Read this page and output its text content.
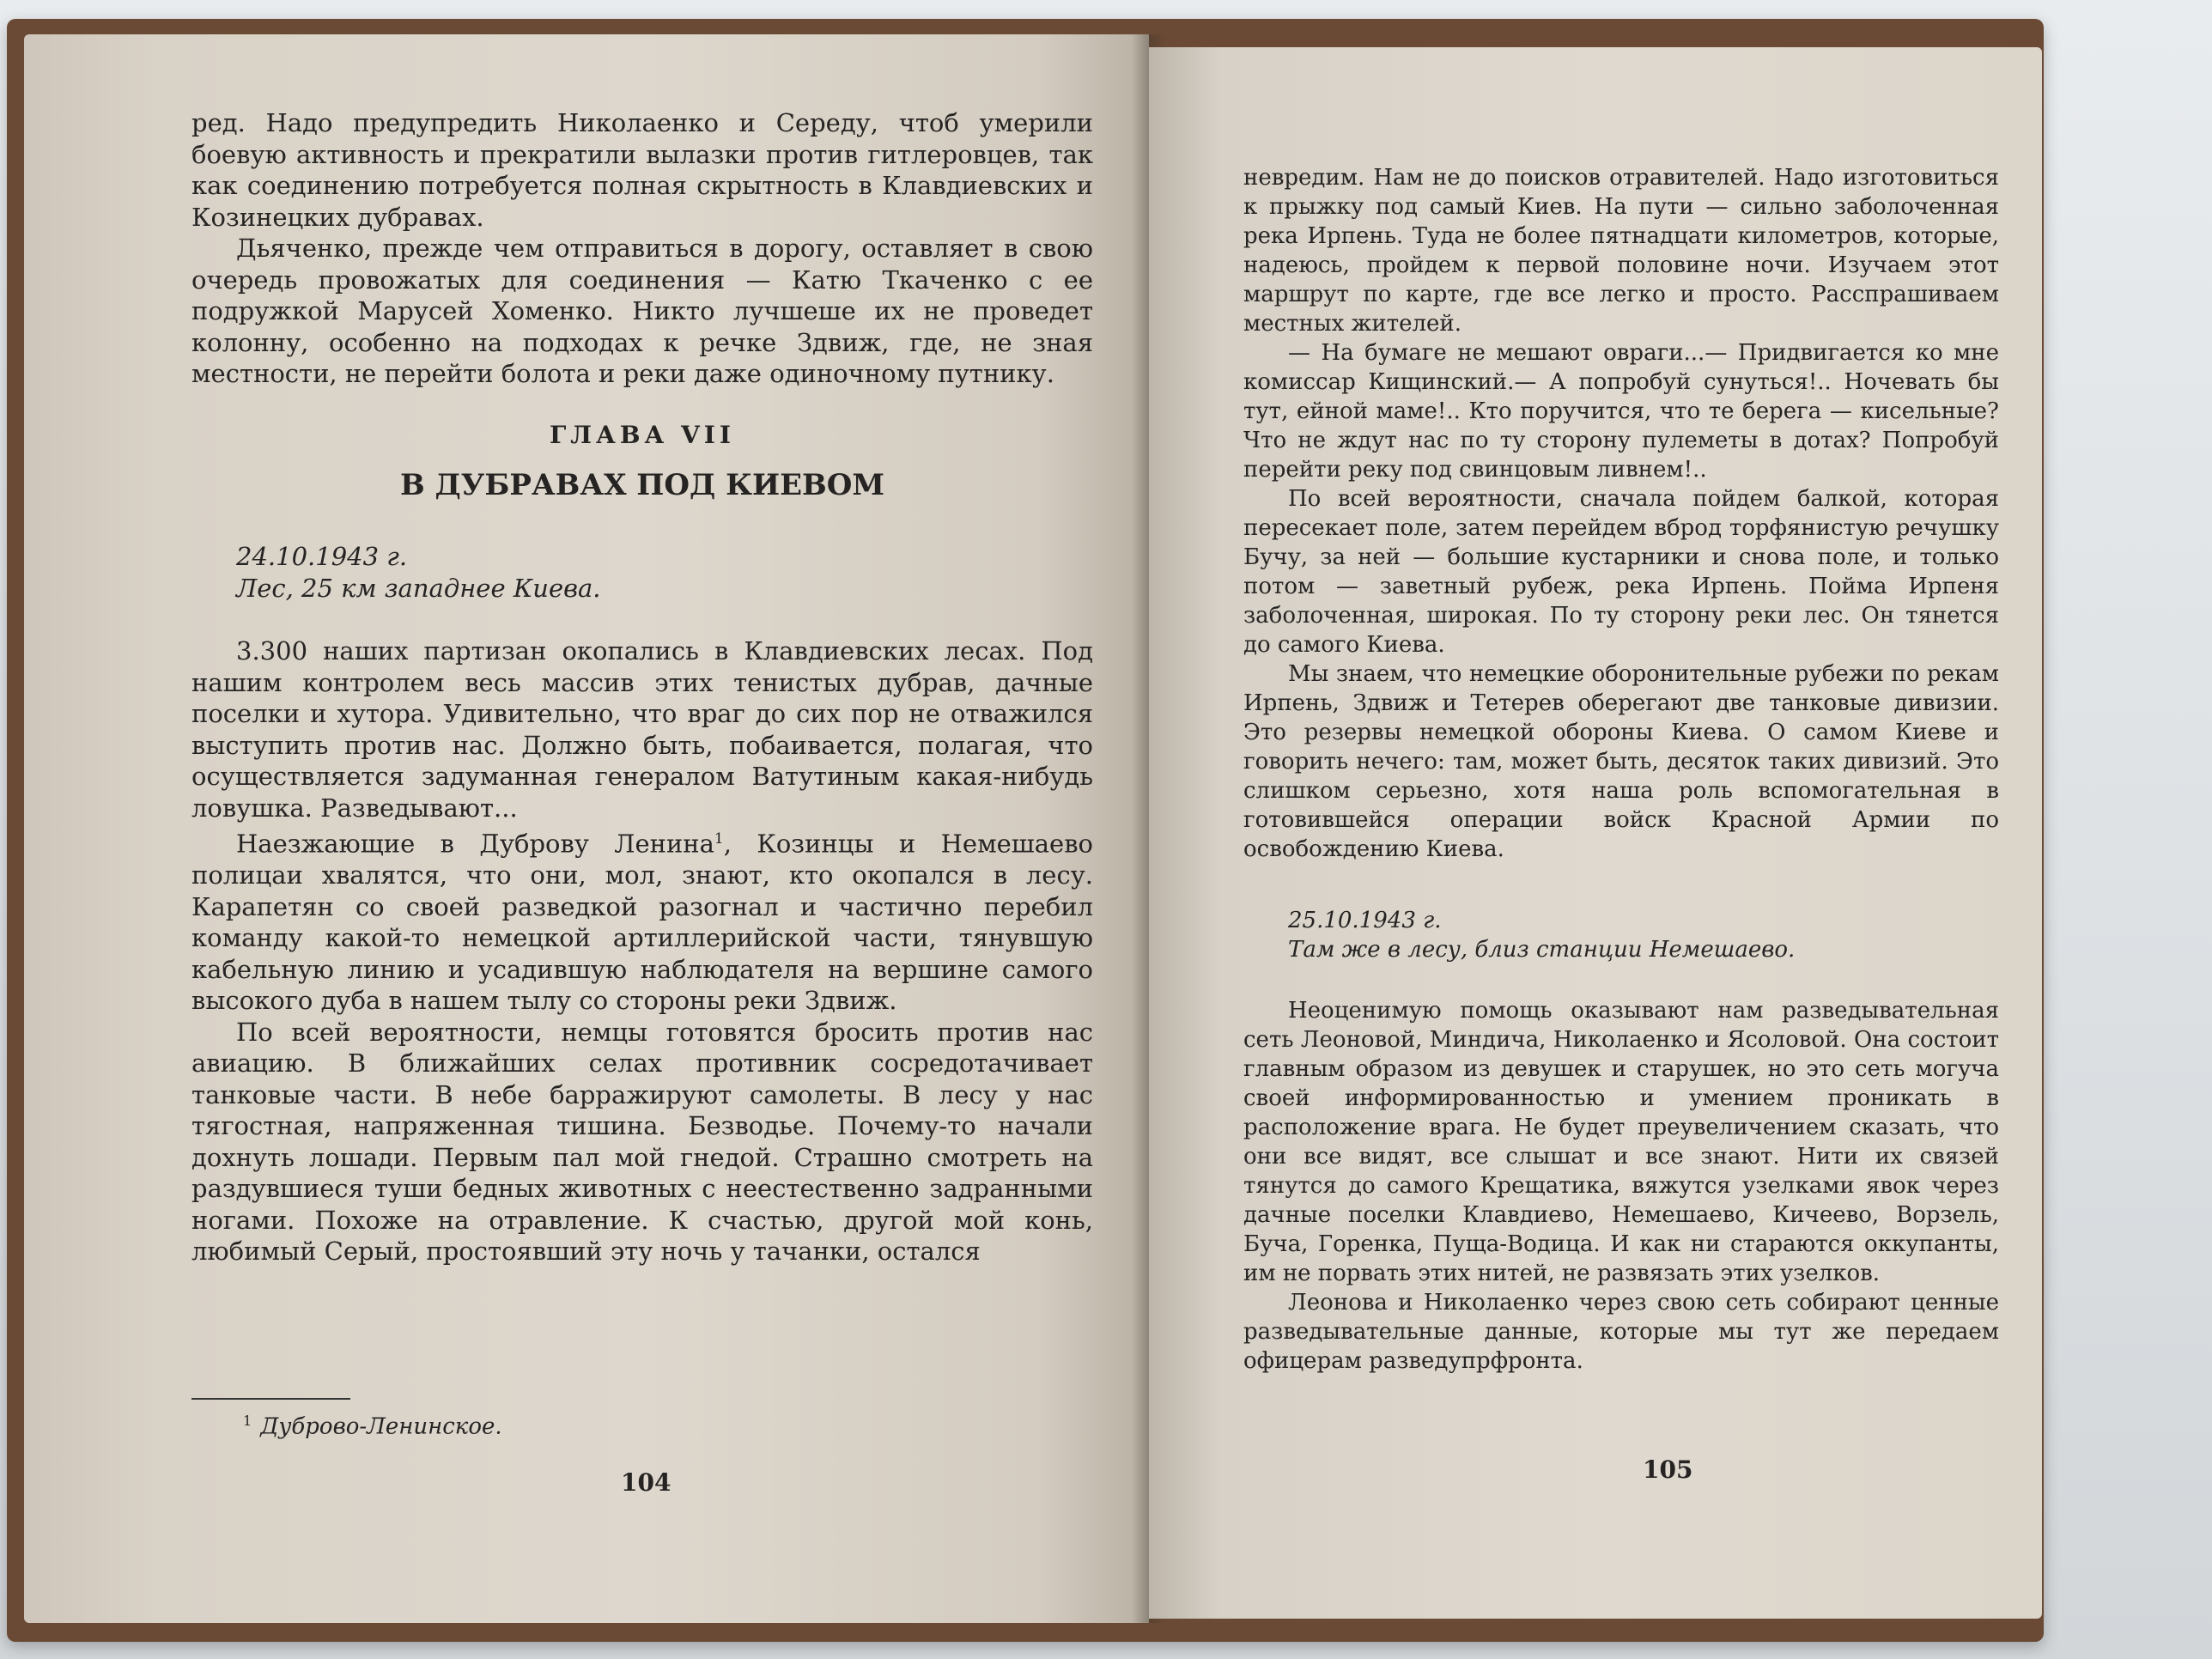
ред. Надо предупредить Николаенко и Середу, чтоб умерили боевую активность и прекратили вылазки против гитлеровцев, так как соединению потребуется полная скрытность в Клавдиевских и Козинецких дубравах.

Дьяченко, прежде чем отправиться в дорогу, оставляет в свою очередь провожатых для соединения — Катю Ткаченко с ее подружкой Марусей Хоменко. Никто лучшеше их не проведет колонну, особенно на подходах к речке Здвиж, где, не зная местности, не перейти болота и реки даже одиночному путнику.

ГЛАВА VII
В ДУБРАВАХ ПОД КИЕВОМ

24.10.1943 г.

Лес, 25 км западнее Киева.

3.300 наших партизан окопались в Клавдиевских лесах. Под нашим контролем весь массив этих тенистых дубрав, дачные поселки и хутора. Удивительно, что враг до сих пор не отважился выступить против нас. Должно быть, побаивается, полагая, что осуществляется задуманная генералом Ватутиным какая-нибудь ловушка. Разведывают...

Наезжающие в Дуброву Ленина$^1$, Козинцы и Немешаево полицаи хвалятся, что они, мол, знают, кто окопался в лесу. Карапетян со своей разведкой разогнал и частично перебил команду какой-то немецкой артиллерийской части, тянувшую кабельную линию и усадившую наблюдателя на вершине самого высокого дуба в нашем тылу со стороны реки Здвиж.

По всей вероятности, немцы готовятся бросить против нас авиацию. В ближайших селах противник сосредотачивает танковые части. В небе барражируют самолеты. В лесу у нас тягостная, напряженная тишина. Безводье. Почему-то начали дохнуть лошади. Первым пал мой гнедой. Страшно смотреть на раздувшиеся туши бедных животных с неестественно задранными ногами. Похоже на отравление. К счастью, другой мой конь, любимый Серый, простоявший эту ночь у тачанки, остался

$^1$ Дуброво-Ленинское.
104

невредим. Нам не до поисков отравителей. Надо изготовиться к прыжку под самый Киев. На пути — сильно заболоченная река Ирпень. Туда не более пятнадцати километров, которые, надеюсь, пройдем к первой половине ночи. Изучаем этот маршрут по карте, где все легко и просто. Расспрашиваем местных жителей.

— На бумаге не мешают овраги...— Придвигается ко мне комиссар Кищинский.— А попробуй сунуться!.. Ночевать бы тут, ейной маме!.. Кто поручится, что те берега — кисельные? Что не ждут нас по ту сторону пулеметы в дотах? Попробуй перейти реку под свинцовым ливнем!..

По всей вероятности, сначала пойдем балкой, которая пересекает поле, затем перейдем вброд торфянистую речушку Бучу, за ней — большие кустарники и снова поле, и только потом — заветный рубеж, река Ирпень. Пойма Ирпеня заболоченная, широкая. По ту сторону реки лес. Он тянется до самого Киева.

Мы знаем, что немецкие оборонительные рубежи по рекам Ирпень, Здвиж и Тетерев оберегают две танковые дивизии. Это резервы немецкой обороны Киева. О самом Киеве и говорить нечего: там, может быть, десяток таких дивизий. Это слишком серьезно, хотя наша роль вспомогательная в готовившейся операции войск Красной Армии по освобождению Киева.

25.10.1943 г.

Там же в лесу, близ станции Немешаево.

Неоценимую помощь оказывают нам разведывательная сеть Леоновой, Миндича, Николаенко и Ясоловой. Она состоит главным образом из девушек и старушек, но это сеть могуча своей информированностью и умением проникать в расположение врага. Не будет преувеличением сказать, что они все видят, все слышат и все знают. Нити их связей тянутся до самого Крещатика, вяжутся узелками явок через дачные поселки Клавдиево, Немешаево, Кичеево, Ворзель, Буча, Горенка, Пуща-Водица. И как ни стараются оккупанты, им не порвать этих нитей, не развязать этих узелков.

Леонова и Николаенко через свою сеть собирают ценные разведывательные данные, которые мы тут же передаем офицерам разведупрфронта.

105
